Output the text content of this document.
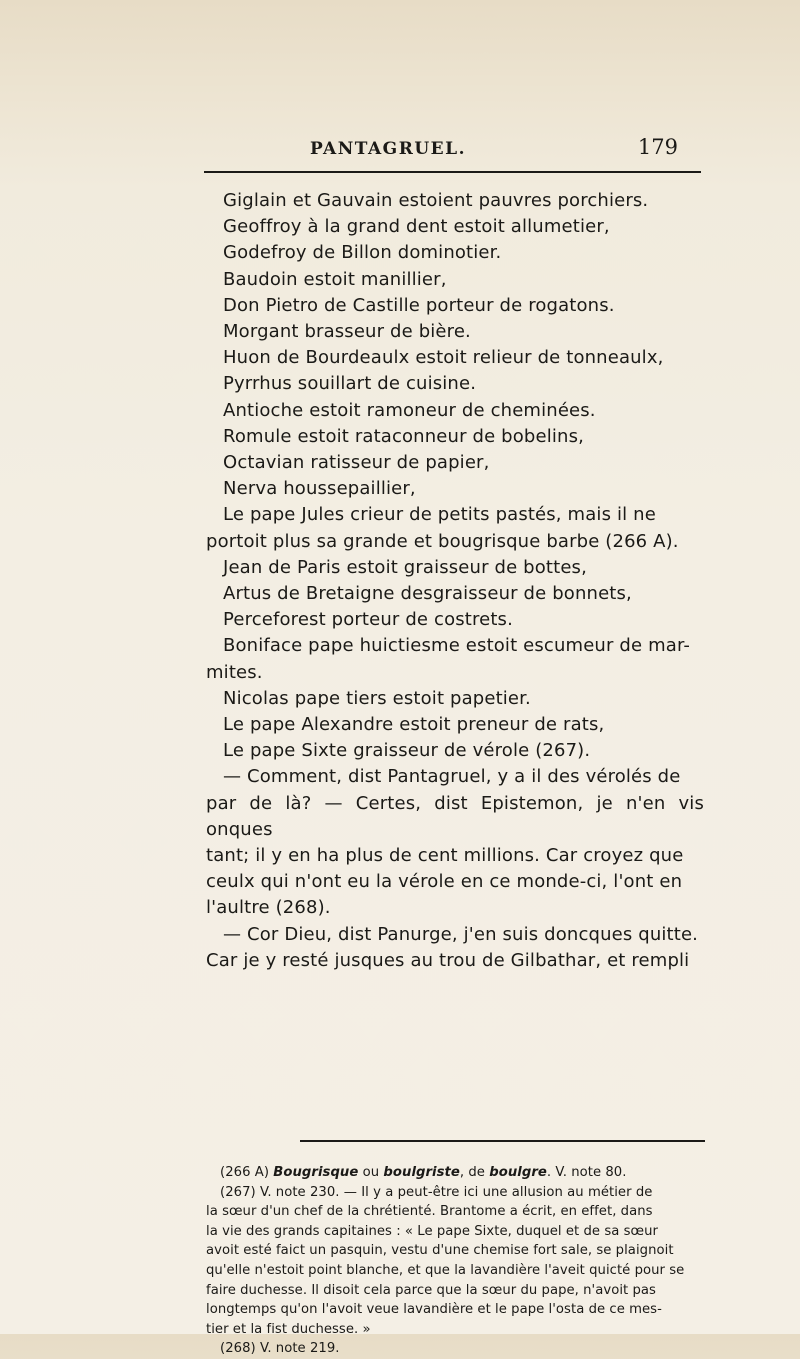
PANTAGRUEL.	179

Giglain et Gauvain estoient pauvres porchiers.

Geoffroy à la grand dent estoit allumetier,

Godefroy de Billon dominotier.

Baudoin estoit manillier,

Don Pietro de Castille porteur de rogatons.

Morgant brasseur de bière.

Huon de Bourdeaulx estoit relieur de tonneaulx,

Pyrrhus souillart de cuisine.

Antioche estoit ramoneur de cheminées.

Romule estoit rataconneur de bobelins,

Octavian ratisseur de papier,

Nerva houssepaillier,

Le pape Jules crieur de petits pastés, mais il ne

portoit plus sa grande et bougrisque barbe (266 A).

Jean de Paris estoit graisseur de bottes,

Artus de Bretaigne desgraisseur de bonnets,

Perceforest porteur de costrets.

Boniface pape huictiesme estoit escumeur de mar-

mites.

Nicolas pape tiers estoit papetier.

Le pape Alexandre estoit preneur de rats,

Le pape Sixte graisseur de vérole (267).

— Comment, dist Pantagruel, y a il des vérolés de

par de là? — Certes, dist Epistemon, je n'en vis onques

tant; il y en ha plus de cent millions. Car croyez que

ceulx qui n'ont eu la vérole en ce monde-ci, l'ont en

l'aultre (268).

— Cor Dieu, dist Panurge, j'en suis doncques quitte.

Car je y resté jusques au trou de Gilbathar, et rempli

(266 A) Bougrisque ou boulgriste, de boulgre. V. note 80.

(267) V. note 230. — Il y a peut-être ici une allusion au métier de

la sœur d'un chef de la chrétienté. Brantome a écrit, en effet, dans

la vie des grands capitaines : « Le pape Sixte, duquel et de sa sœur

avoit esté faict un pasquin, vestu d'une chemise fort sale, se plaignoit

qu'elle n'estoit point blanche, et que la lavandière l'aveit quicté pour se

faire duchesse. Il disoit cela parce que la sœur du pape, n'avoit pas

longtemps qu'on l'avoit veue lavandière et le pape l'osta de ce mes-

tier et la fist duchesse. »

(268) V. note 219.
